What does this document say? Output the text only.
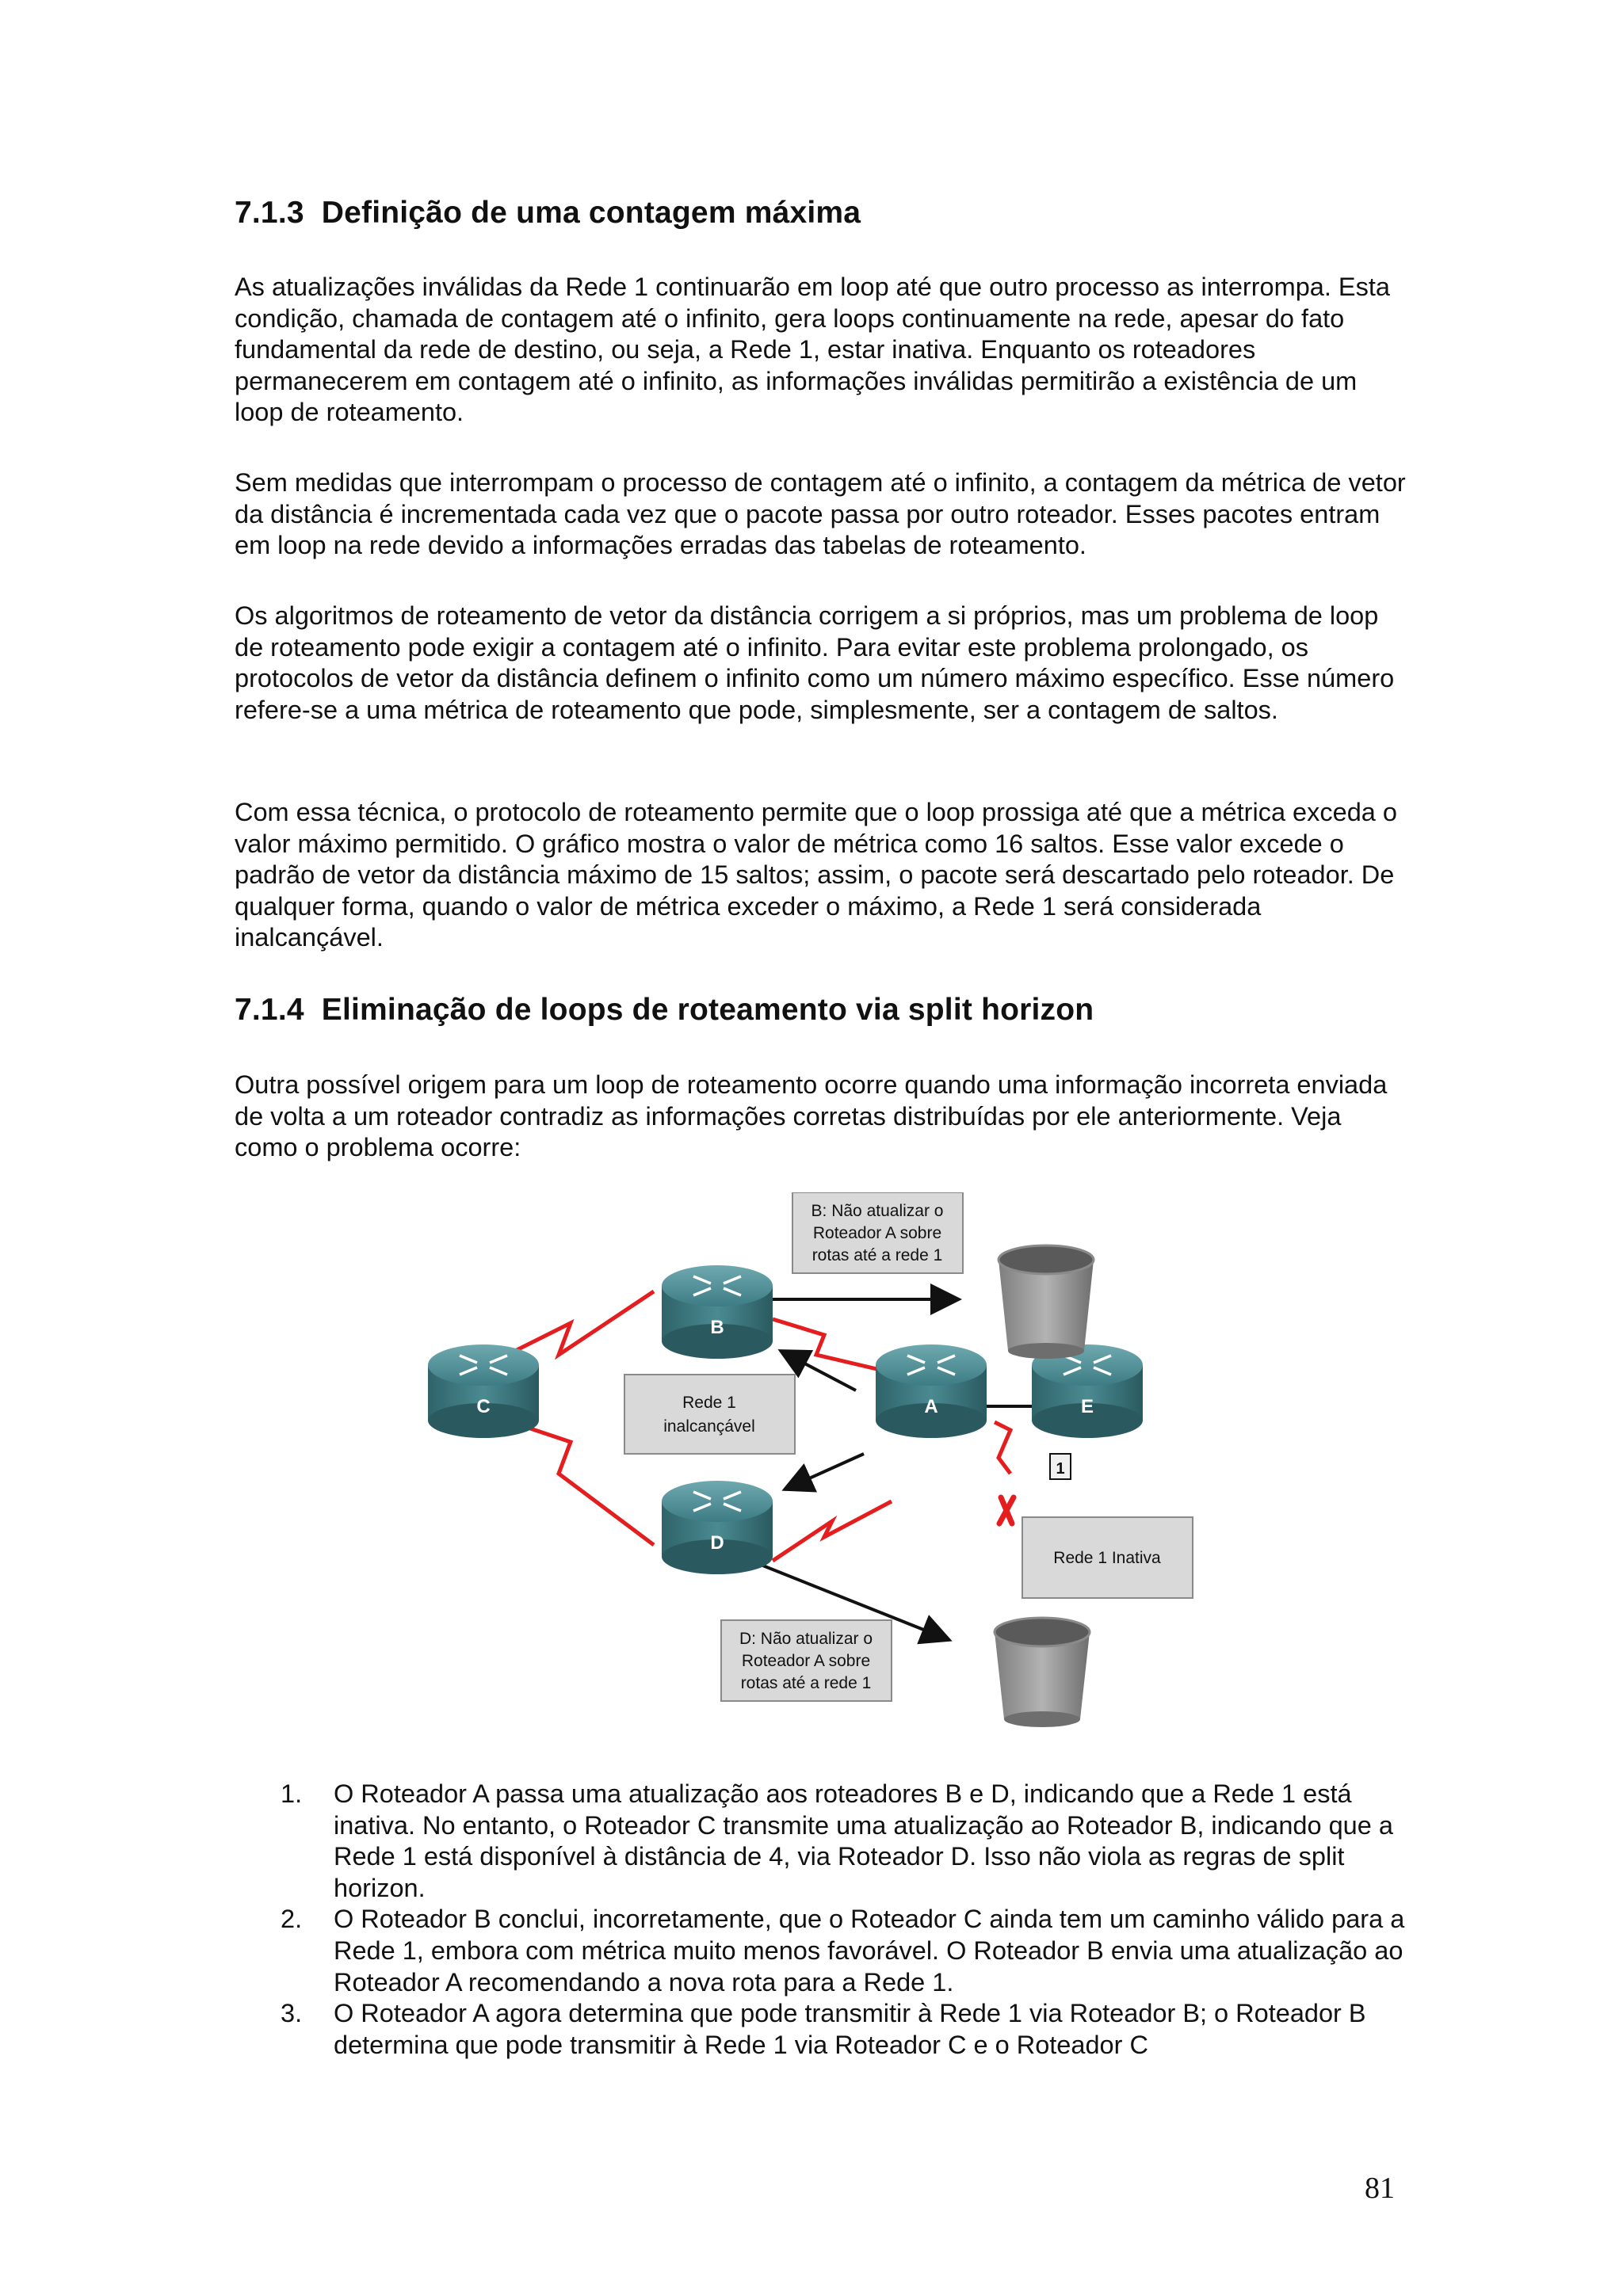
7.1.3 Definição de uma contagem máxima

As atualizações inválidas da Rede 1 continuarão em loop até que outro processo as interrompa. Esta condição, chamada de contagem até o infinito, gera loops continuamente na rede, apesar do fato fundamental da rede de destino, ou seja, a Rede 1, estar inativa. Enquanto os roteadores permanecerem em contagem até o infinito, as informações inválidas permitirão a existência de um loop de roteamento.

Sem medidas que interrompam o processo de contagem até o infinito, a contagem da métrica de vetor da distância é incrementada cada vez que o pacote passa por outro roteador. Esses pacotes entram em loop na rede devido a informações erradas das tabelas de roteamento.

Os algoritmos de roteamento de vetor da distância corrigem a si próprios, mas um problema de loop de roteamento pode exigir a contagem até o infinito. Para evitar este problema prolongado, os protocolos de vetor da distância definem o infinito como um número máximo específico. Esse número refere-se a uma métrica de roteamento que pode, simplesmente, ser a contagem de saltos.

Com essa técnica, o protocolo de roteamento permite que o loop prossiga até que a métrica exceda o valor máximo permitido. O gráfico mostra o valor de métrica como 16 saltos. Esse valor excede o padrão de vetor da distância máximo de 15 saltos; assim, o pacote será descartado pelo roteador. De qualquer forma, quando o valor de métrica exceder o máximo, a Rede 1 será considerada inalcançável.

7.1.4 Eliminação de loops de roteamento via split horizon

Outra possível origem para um loop de roteamento ocorre quando uma informação incorreta enviada de volta a um roteador contradiz as informações corretas distribuídas por ele anteriormente. Veja como o problema ocorre:

B
C	A	E
D
B: Não atualizar o
Roteador A sobre
rotas até a rede 1
Rede 1
inalcançável
1
Rede 1 Inativa
D: Não atualizar o
Roteador A sobre
rotas até a rede 1
1. O Roteador A passa uma atualização aos roteadores B e D, indicando que a Rede 1 está inativa. No entanto, o Roteador C transmite uma atualização ao Roteador B, indicando que a Rede 1 está disponível à distância de 4, via Roteador D. Isso não viola as regras de split horizon.
2. O Roteador B conclui, incorretamente, que o Roteador C ainda tem um caminho válido para a Rede 1, embora com métrica muito menos favorável. O Roteador B envia uma atualização ao Roteador A recomendando a nova rota para a Rede 1.
3. O Roteador A agora determina que pode transmitir à Rede 1 via Roteador B; o Roteador B determina que pode transmitir à Rede 1 via Roteador C e o Roteador C
81
